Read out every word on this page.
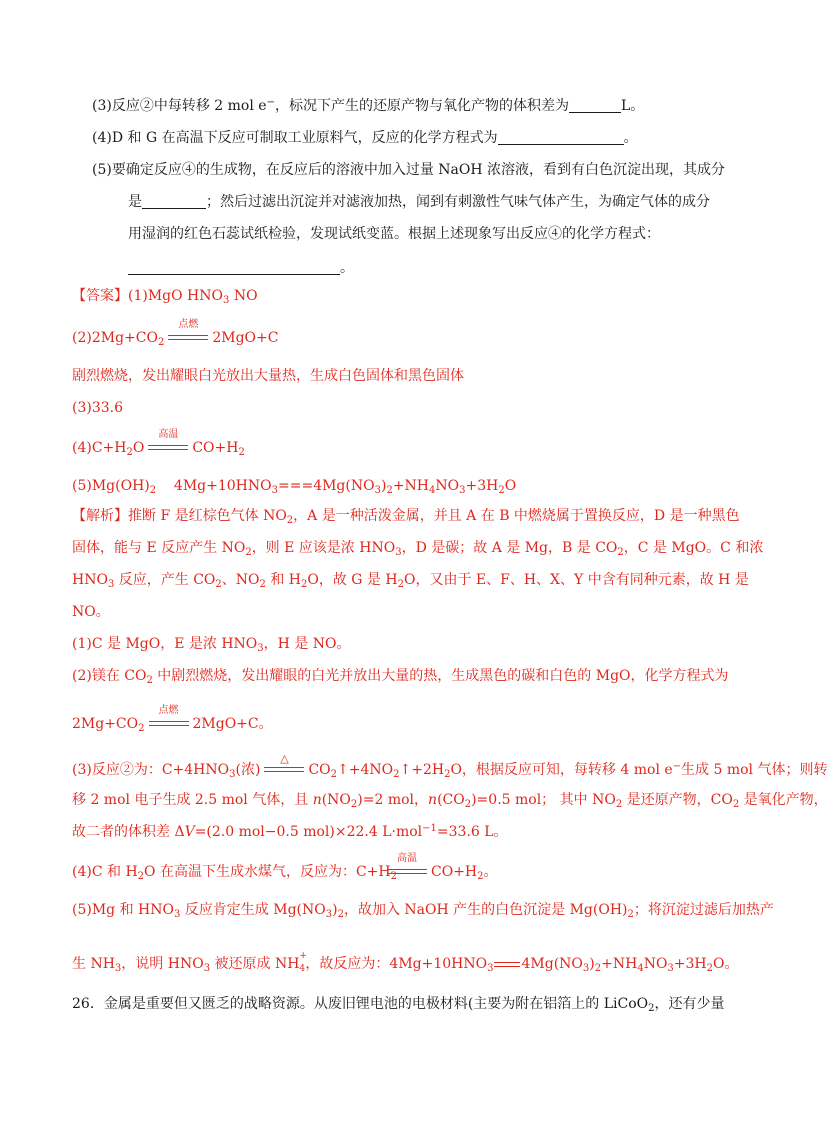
(3)反应②中每转移 2 mol e−，标况下产生的还原产物与氧化产物的体积差为	L。
(4)D 和 G 在高温下反应可制取工业原料气，反应的化学方程式为	。
(5)要确定反应④的生成物，在反应后的溶液中加入过量 NaOH 浓溶液，看到有白色沉淀出现，其成分
是	；然后过滤出沉淀并对滤液加热，闻到有刺激性气味气体产生，为确定气体的成分
用湿润的红色石蕊试纸检验，发现试纸变蓝。根据上述现象写出反应④的化学方程式：
。
【答案】(1)MgO $HNO_3$ NO
$(2)2Mg+CO_2$
点燃
2MgO+C
剧烈燃烧，发出耀眼白光放出大量热，生成白色固体和黑色固体
(3)33.6
$(4)C+H_2O$
高温
$CO+H_2$
$(5)Mg(OH)_2$    $4Mg+10HNO_3===4Mg(NO_3)_2+NH_4NO_3+3H_2O$
【解析】推断 F 是红棕色气体 $NO_2$，A 是一种活泼金属，并且 A 在 B 中燃烧属于置换反应，D 是一种黑色
固体，能与 E 反应产生 $NO_2$，则 E 应该是浓 $HNO_3$，D 是碳；故 A 是 Mg，B 是 $CO_2$，C 是 MgO。C 和浓
$HNO_3$ 反应，产生 $CO_2$、$NO_2$ 和 $H_2O$，故 G 是 $H_2O$，又由于 E、F、H、X、Y 中含有同种元素，故 H 是
NO。
(1)C 是 MgO，E 是浓 $HNO_3$，H 是 NO。
(2)镁在 $CO_2$ 中剧烈燃烧，发出耀眼的白光并放出大量的热，生成黑色的碳和白色的 MgO，化学方程式为
$2Mg+CO_2$
点燃
2MgO+C。
(3)反应②为：$C+4HNO_3$(浓)
△
$CO_2↑+4NO_2↑+2H_2O$，根据反应可知，每转移 4 mol e−生成 5 mol 气体；则转
移 2 mol 电子生成 2.5 mol 气体，且 $n(NO_2)=2$ mol，$n(CO_2)=0.5$ mol； 其中 $NO_2$ 是还原产物，$CO_2$ 是氧化产物，
故二者的体积差 ΔV=(2.0 mol−0.5 mol)×22.4 L·mol$^{-1}$=33.6 L。
(4)C 和 $H_2O$ 在高温下生成水煤气，反应为：$C+H_2$
高温
$CO+H_2$。
(5)Mg 和 $HNO_3$ 反应肯定生成 $Mg(NO_3)_2$，故加入 NaOH 产生的白色沉淀是 $Mg(OH)_2$；将沉淀过滤后加热产
生 $NH_3$，说明 $HNO_3$ 被还原成 NH +
4 ，故反应为：$4Mg+10HNO_3$ $4Mg(NO_3)_2+NH_4NO_3+3H_2O$。
26．金属是重要但又匮乏的战略资源。从废旧锂电池的电极材料(主要为附在铝箔上的 LiCoO$_2$，还有少量
